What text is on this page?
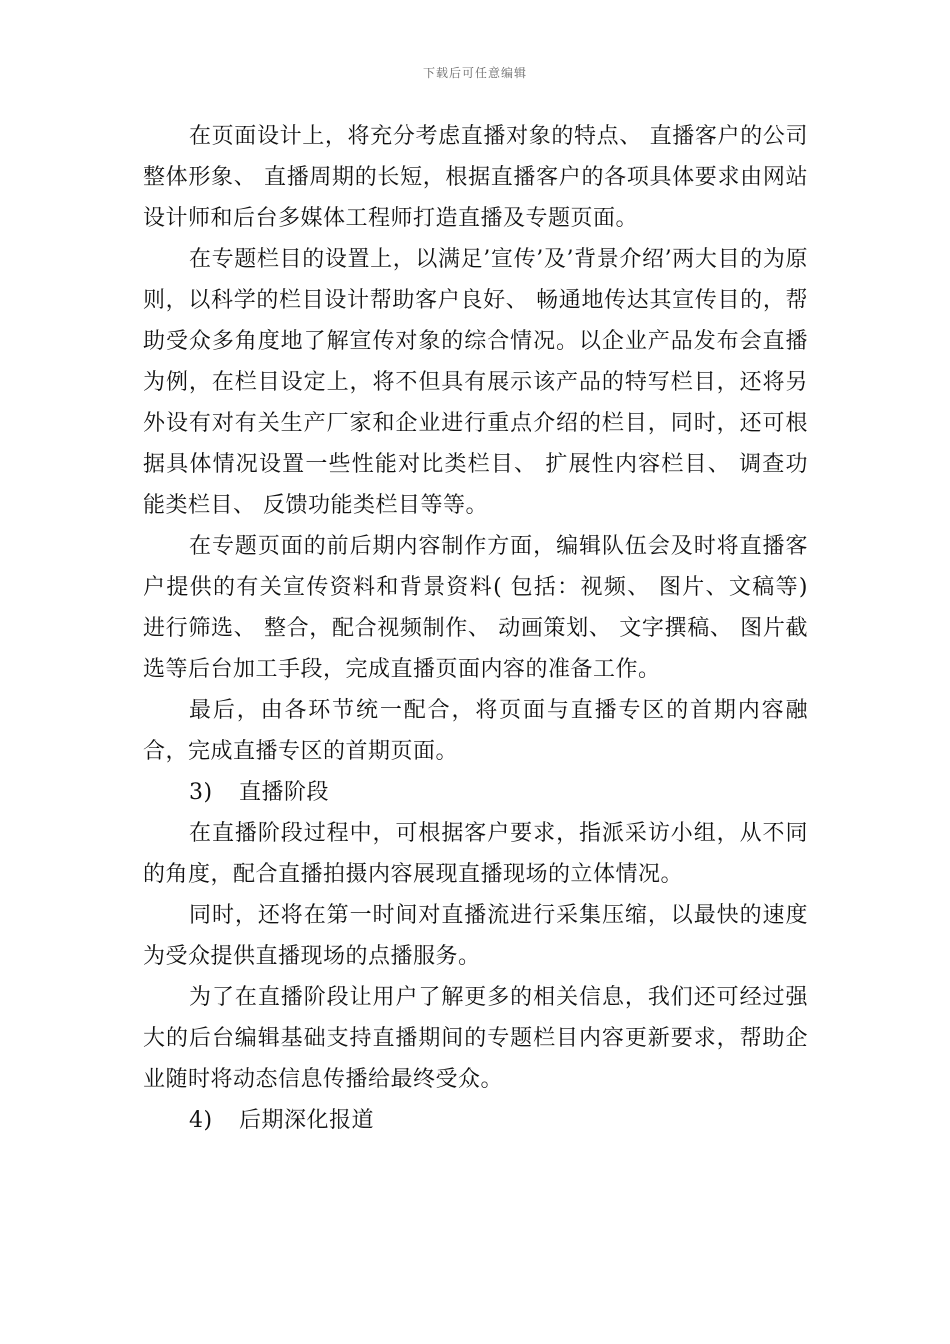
下载后可任意编辑

在页面设计上，将充分考虑直播对象的特点、 直播客户的公司整体形象、 直播周期的长短，根据直播客户的各项具体要求由网站设计师和后台多媒体工程师打造直播及专题页面。

在专题栏目的设置上，以满足’宣传’及’背景介绍’两大目的为原则，以科学的栏目设计帮助客户良好、 畅通地传达其宣传目的，帮助受众多角度地了解宣传对象的综合情况。以企业产品发布会直播为例，在栏目设定上，将不但具有展示该产品的特写栏目，还将另外设有对有关生产厂家和企业进行重点介绍的栏目，同时，还可根据具体情况设置一些性能对比类栏目、 扩展性内容栏目、 调查功能类栏目、 反馈功能类栏目等等。

在专题页面的前后期内容制作方面，编辑队伍会及时将直播客户提供的有关宣传资料和背景资料( 包括：视频、 图片、文稿等) 进行筛选、 整合，配合视频制作、 动画策划、 文字撰稿、 图片截选等后台加工手段，完成直播页面内容的准备工作。

最后，由各环节统一配合，将页面与直播专区的首期内容融合，完成直播专区的首期页面。

3) 直播阶段

在直播阶段过程中，可根据客户要求，指派采访小组，从不同的角度，配合直播拍摄内容展现直播现场的立体情况。

同时，还将在第一时间对直播流进行采集压缩，以最快的速度为受众提供直播现场的点播服务。

为了在直播阶段让用户了解更多的相关信息，我们还可经过强大的后台编辑基础支持直播期间的专题栏目内容更新要求，帮助企业随时将动态信息传播给最终受众。

4) 后期深化报道
